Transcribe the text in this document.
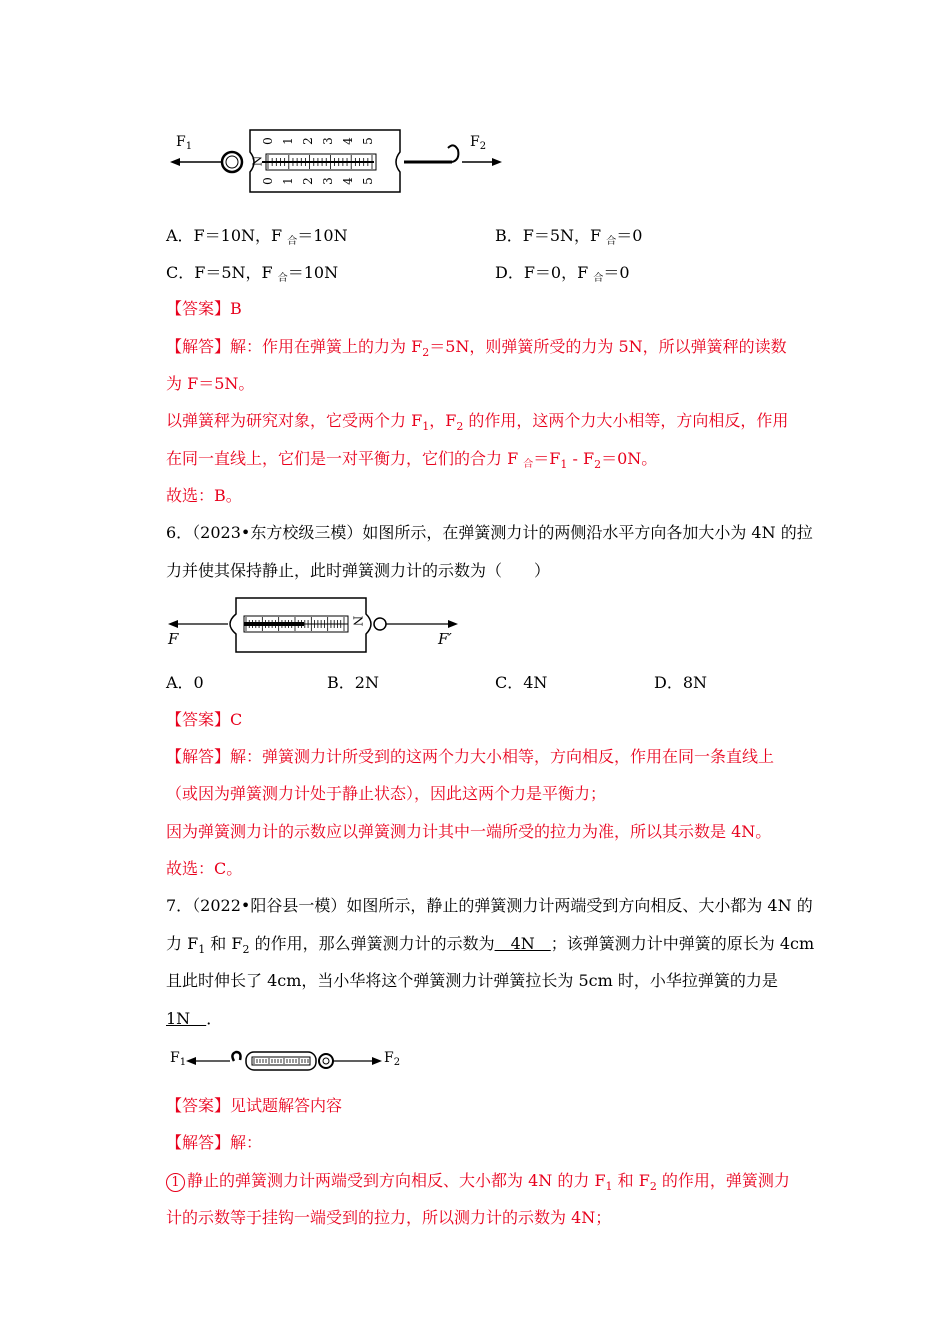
0 1 2 3 4 5
0 1 2 3 4 5
N
$F_1$	$F_2$
A．F＝10N，F 合＝10N	B．F＝5N，F 合＝0
C．F＝5N，F 合＝10N	D．F＝0，F 合＝0
【答案】B
【解答】解：作用在弹簧上的力为 $F_2=5N$，则弹簧所受的力为 5N，所以弹簧秤的读数
为 F＝5N。
以弹簧秤为研究对象，它受两个力 $F_1$，$F_2$ 的作用，这两个力大小相等，方向相反，作用
在同一直线上，它们是一对平衡力，它们的合力 F 合$=F_1 - F_2=0N$。
故选：B。
6．（2023•东方校级三模）如图所示，在弹簧测力计的两侧沿水平方向各加大小为 4N 的拉
力并使其保持静止，此时弹簧测力计的示数为（　　）
N
F	F′
A．0	B．2N	C．4N	D．8N
【答案】C
【解答】解：弹簧测力计所受到的这两个力大小相等，方向相反，作用在同一条直线上
（或因为弹簧测力计处于静止状态），因此这两个力是平衡力；
因为弹簧测力计的示数应以弹簧测力计其中一端所受的拉力为准，所以其示数是 4N。
故选：C。
7．（2022•阳谷县一模）如图所示，静止的弹簧测力计两端受到方向相反、大小都为 4N 的
力 $F_1$ 和 $F_2$ 的作用，那么弹簧测力计的示数为　4N　；该弹簧测力计中弹簧的原长为 4cm
且此时伸长了 4cm，当小华将这个弹簧测力计弹簧拉长为 5cm 时，小华拉弹簧的力是
1N　．
$F_1$	$F_2$
【答案】见试题解答内容
【解答】解：
1 静止的弹簧测力计两端受到方向相反、大小都为 4N 的力 $F_1$ 和 $F_2$ 的作用，弹簧测力
计的示数等于挂钩一端受到的拉力，所以测力计的示数为 4N；
